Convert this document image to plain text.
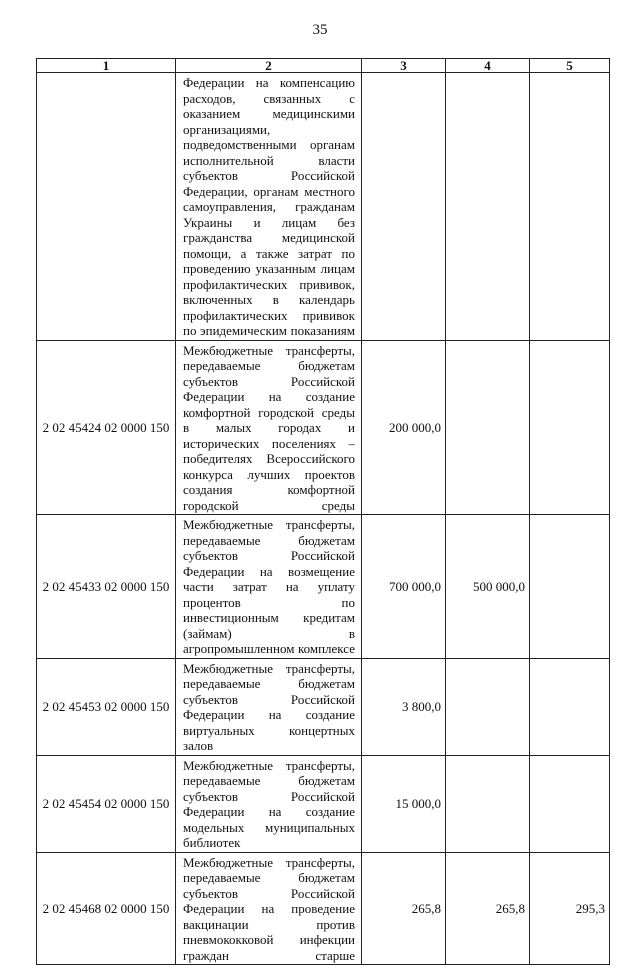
35
1	2	3	4	5
	Федерации на компенсацию расходов, связанных с оказанием медицинскими организациями, подведомственными органам исполнительной власти субъектов Российской Федерации, органам местного самоуправления, гражданам Украины и лицам без гражданства медицинской помощи, а также затрат по проведению указанным лицам профилактических прививок, включенных в календарь профилактических прививок по эпидемическим показаниям			
2 02 45424 02 0000 150	Межбюджетные трансферты, передаваемые бюджетам субъектов Российской Федерации на создание комфортной городской среды в малых городах и исторических поселениях – победителях Всероссийского конкурса лучших проектов создания комфортной городской среды	200 000,0		
2 02 45433 02 0000 150	Межбюджетные трансферты, передаваемые бюджетам субъектов Российской Федерации на возмещение части затрат на уплату процентов по инвестиционным кредитам (займам) в агропромышленном комплексе	700 000,0	500 000,0	
2 02 45453 02 0000 150	Межбюджетные трансферты, передаваемые бюджетам субъектов Российской Федерации на создание виртуальных концертных залов	3 800,0		
2 02 45454 02 0000 150	Межбюджетные трансферты, передаваемые бюджетам субъектов Российской Федерации на создание модельных муниципальных библиотек	15 000,0		
2 02 45468 02 0000 150	Межбюджетные трансферты, передаваемые бюджетам субъектов Российской Федерации на проведение вакцинации против пневмококковой инфекции граждан старше	265,8	265,8	295,3
